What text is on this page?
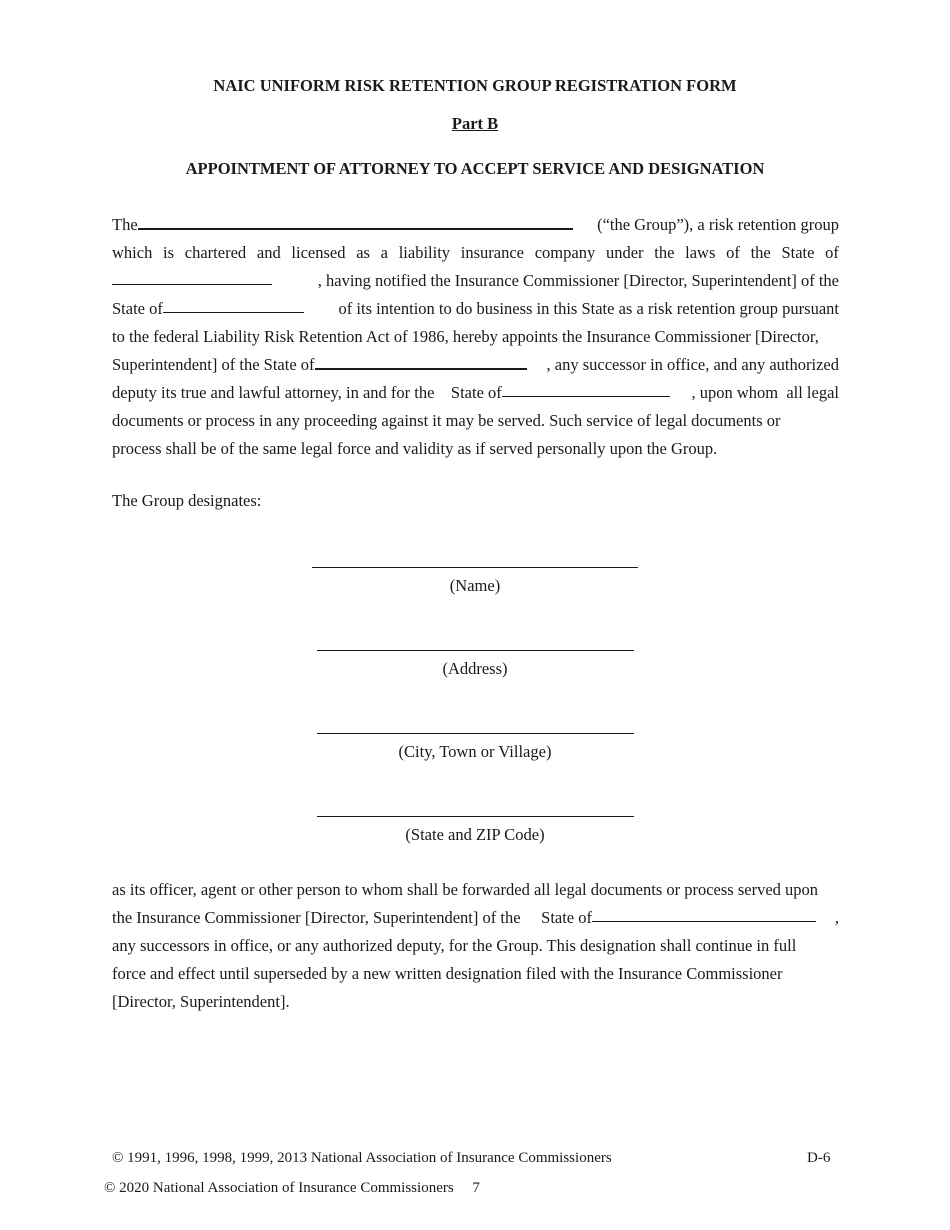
NAIC UNIFORM RISK RETENTION GROUP REGISTRATION FORM
Part B
APPOINTMENT OF ATTORNEY TO ACCEPT SERVICE AND DESIGNATION
The	(“the Group”), a risk retention group
which is chartered and licensed as a liability insurance company under the laws of the State of
, having notified the Insurance Commissioner [Director, Superintendent] of the
State of	of its intention to do business in this State as a risk retention group pursuant
to the federal Liability Risk Retention Act of 1986, hereby appoints the Insurance Commissioner [Director,
Superintendent] of the State of	, any successor in office, and any authorized
deputy its true and lawful attorney, in and for the    State of	, upon whom  all legal
documents or process in any proceeding against it may be served. Such service of legal documents or
process shall be of the same legal force and validity as if served personally upon the Group.
The Group designates:
(Name)
(Address)
(City, Town or Village)
(State and ZIP Code)
as its officer, agent or other person to whom shall be forwarded all legal documents or process served upon
the Insurance Commissioner [Director, Superintendent] of the     State of	,
any successors in office, or any authorized deputy, for the Group. This designation shall continue in full
force and effect until superseded by a new written designation filed with the Insurance Commissioner
[Director, Superintendent].
© 1991, 1996, 1998, 1999, 2013 National Association of Insurance Commissioners	D-6
© 2020 National Association of Insurance Commissioners     7
